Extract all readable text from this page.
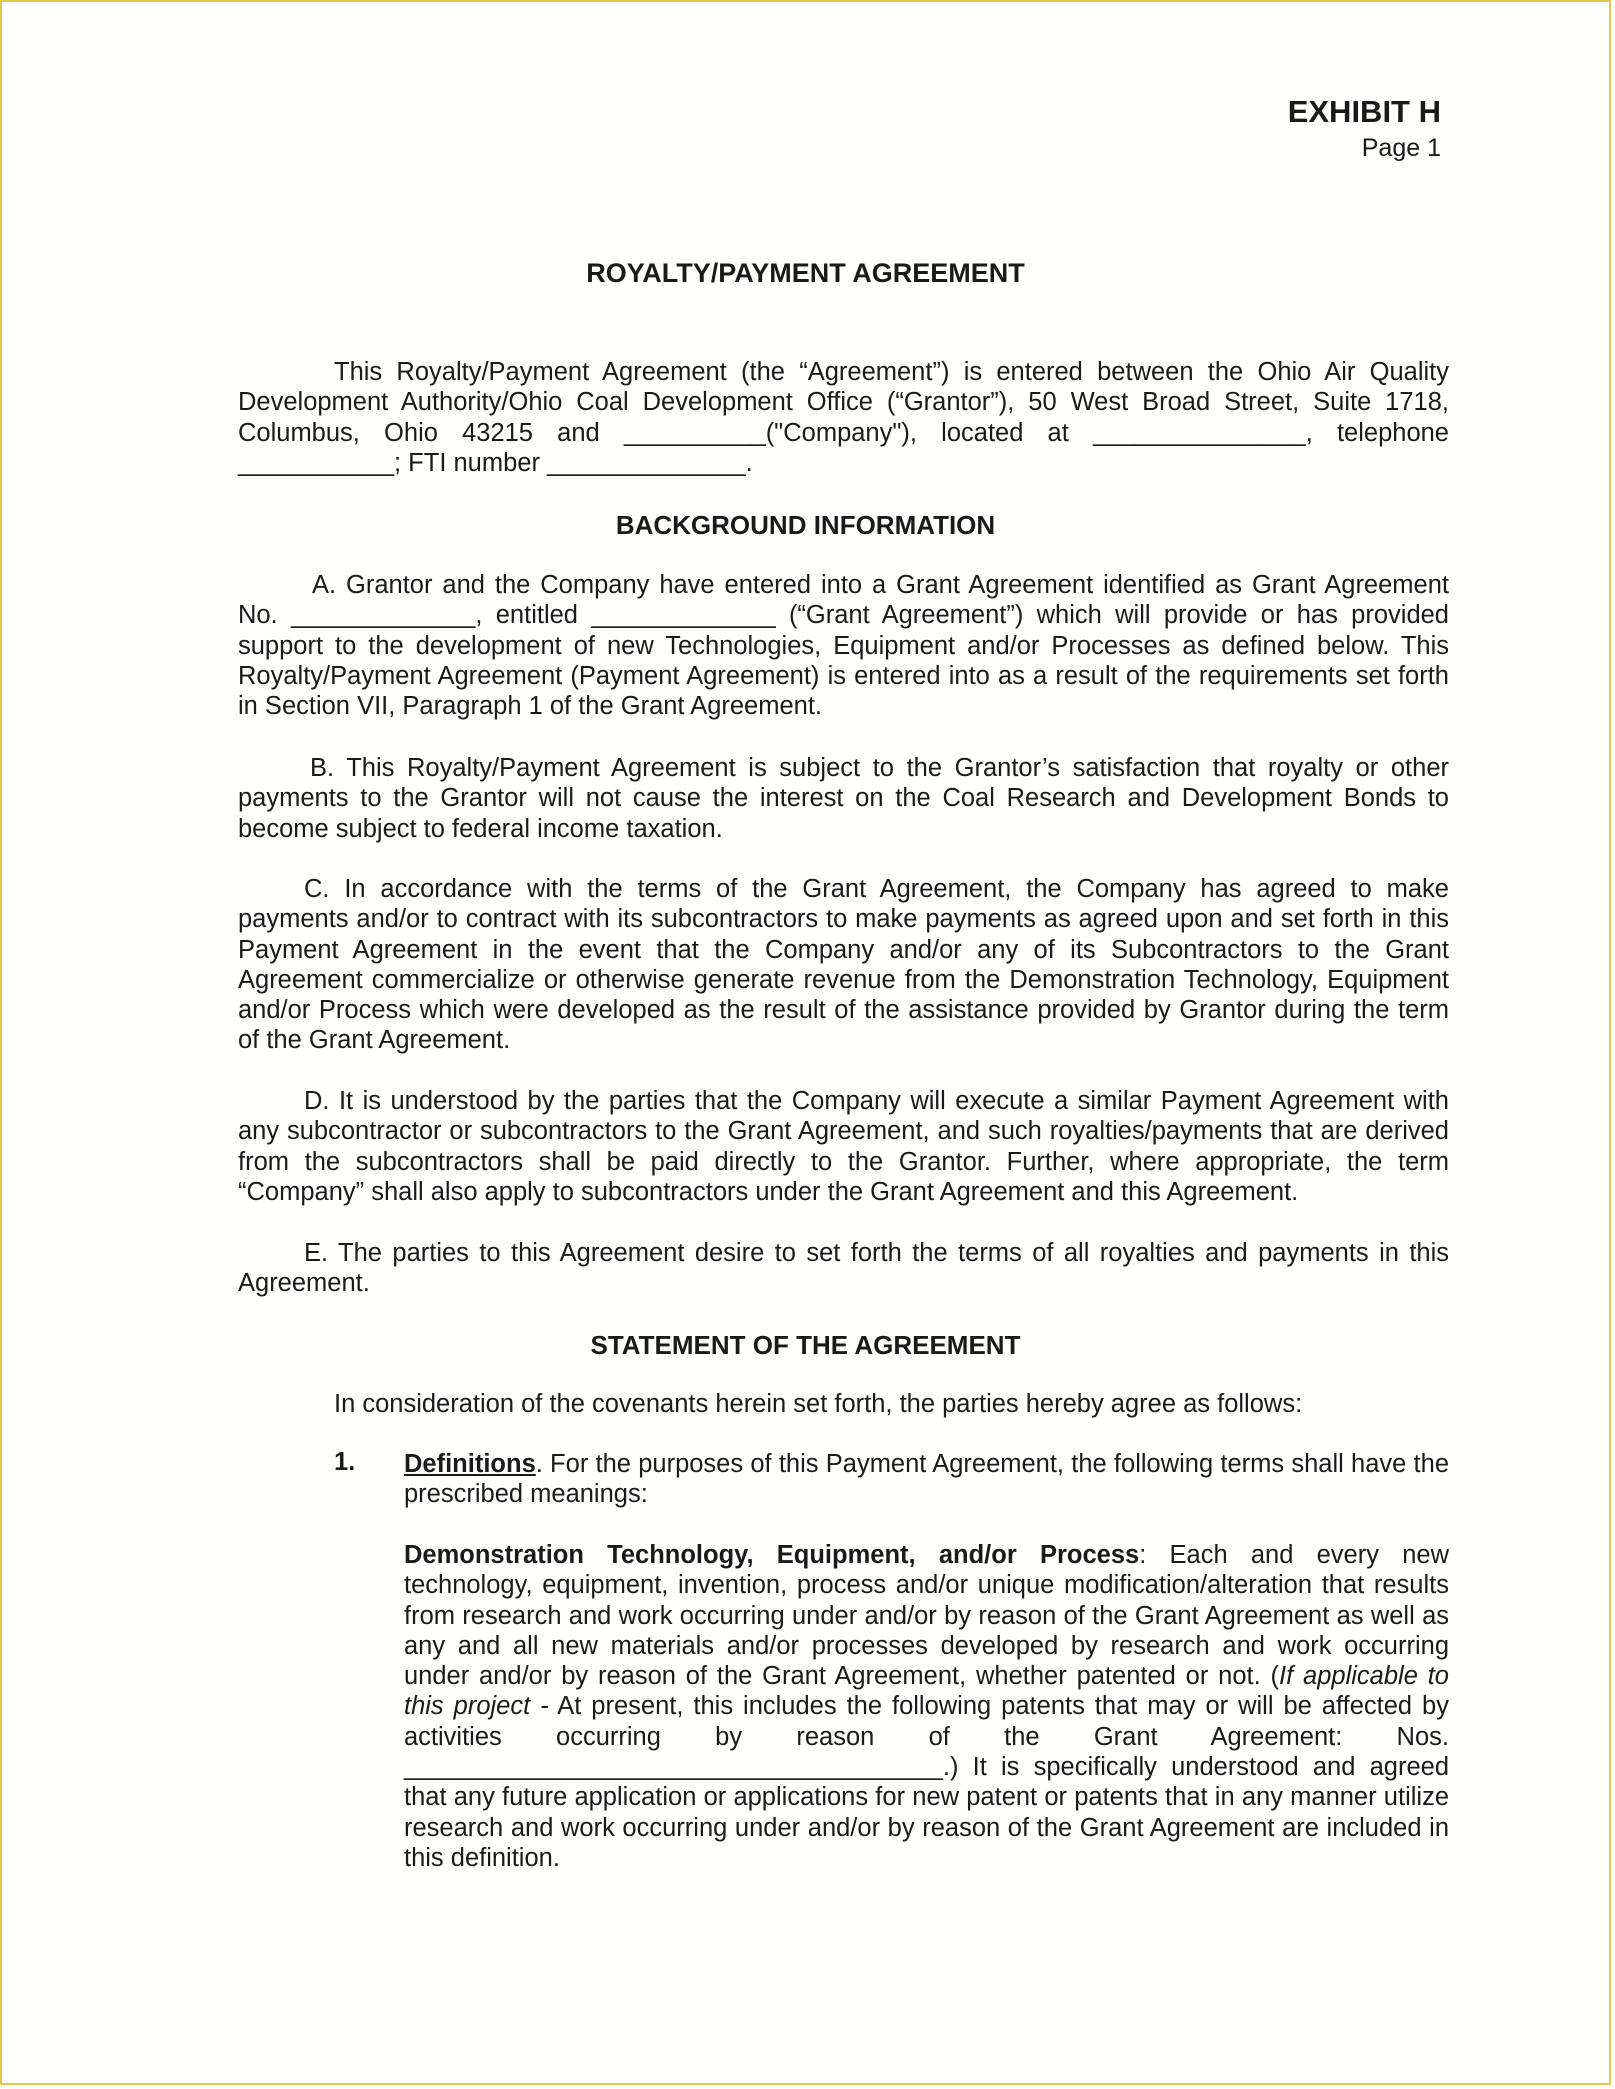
EXHIBIT H
Page 1
ROYALTY/PAYMENT AGREEMENT
This Royalty/Payment Agreement (the “Agreement”) is entered between the Ohio Air Quality Development Authority/Ohio Coal Development Office (“Grantor”), 50 West Broad Street, Suite 1718, Columbus, Ohio 43215 and __________("Company"), located at _______________, telephone ___________; FTI number ______________.
BACKGROUND INFORMATION
A. Grantor and the Company have entered into a Grant Agreement identified as Grant Agreement No. _____________, entitled _____________ (“Grant Agreement”) which will provide or has provided support to the development of new Technologies, Equipment and/or Processes as defined below. This Royalty/Payment Agreement (Payment Agreement) is entered into as a result of the requirements set forth in Section VII, Paragraph 1 of the Grant Agreement.
B. This Royalty/Payment Agreement is subject to the Grantor’s satisfaction that royalty or other payments to the Grantor will not cause the interest on the Coal Research and Development Bonds to become subject to federal income taxation.
C. In accordance with the terms of the Grant Agreement, the Company has agreed to make payments and/or to contract with its subcontractors to make payments as agreed upon and set forth in this Payment Agreement in the event that the Company and/or any of its Subcontractors to the Grant Agreement commercialize or otherwise generate revenue from the Demonstration Technology, Equipment and/or Process which were developed as the result of the assistance provided by Grantor during the term of the Grant Agreement.
D. It is understood by the parties that the Company will execute a similar Payment Agreement with any subcontractor or subcontractors to the Grant Agreement, and such royalties/payments that are derived from the subcontractors shall be paid directly to the Grantor. Further, where appropriate, the term “Company” shall also apply to subcontractors under the Grant Agreement and this Agreement.
E. The parties to this Agreement desire to set forth the terms of all royalties and payments in this Agreement.
STATEMENT OF THE AGREEMENT
In consideration of the covenants herein set forth, the parties hereby agree as follows:
1. Definitions. For the purposes of this Payment Agreement, the following terms shall have the prescribed meanings:
Demonstration Technology, Equipment, and/or Process: Each and every new technology, equipment, invention, process and/or unique modification/alteration that results from research and work occurring under and/or by reason of the Grant Agreement as well as any and all new materials and/or processes developed by research and work occurring under and/or by reason of the Grant Agreement, whether patented or not. (If applicable to this project - At present, this includes the following patents that may or will be affected by activities occurring by reason of the Grant Agreement: Nos. ______________________________________.) It is specifically understood and agreed that any future application or applications for new patent or patents that in any manner utilize research and work occurring under and/or by reason of the Grant Agreement are included in this definition.
